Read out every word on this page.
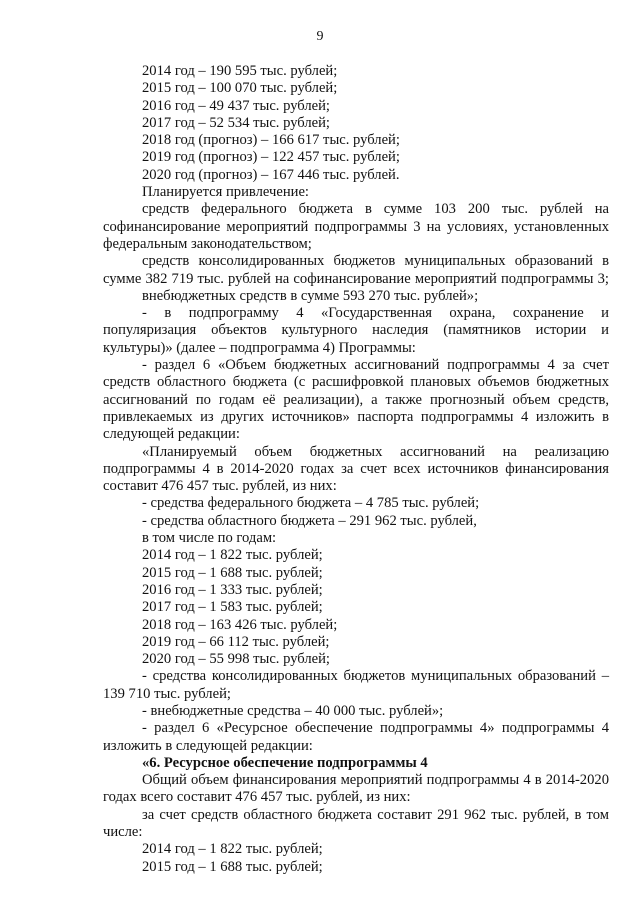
9
2014 год – 190 595 тыс. рублей;
2015 год – 100 070 тыс. рублей;
2016 год – 49 437 тыс. рублей;
2017 год – 52 534 тыс. рублей;
2018 год (прогноз) – 166 617 тыс. рублей;
2019 год (прогноз) – 122 457 тыс. рублей;
2020 год (прогноз) – 167 446 тыс. рублей.
Планируется привлечение:
средств федерального бюджета в сумме 103 200 тыс. рублей на
софинансирование мероприятий подпрограммы 3 на условиях, установленных
федеральным законодательством;
средств консолидированных бюджетов муниципальных образований в
сумме 382 719 тыс. рублей на софинансирование мероприятий подпрограммы 3;
внебюджетных средств в сумме 593 270 тыс. рублей»;
- в подпрограмму 4 «Государственная охрана, сохранение и
популяризация объектов культурного наследия (памятников истории и
культуры)» (далее – подпрограмма 4) Программы:
- раздел 6 «Объем бюджетных ассигнований подпрограммы 4 за счет
средств областного бюджета (с расшифровкой плановых объемов бюджетных
ассигнований по годам её реализации), а также прогнозный объем средств,
привлекаемых из других источников» паспорта подпрограммы 4 изложить в
следующей редакции:
«Планируемый объем бюджетных ассигнований на реализацию
подпрограммы 4 в 2014-2020 годах за счет всех источников финансирования
составит 476 457 тыс. рублей, из них:
- средства федерального бюджета – 4 785 тыс. рублей;
- средства областного бюджета – 291 962 тыс. рублей,
в том числе по годам:
2014 год – 1 822 тыс. рублей;
2015 год – 1 688 тыс. рублей;
2016 год – 1 333 тыс. рублей;
2017 год – 1 583 тыс. рублей;
2018 год – 163 426 тыс. рублей;
2019 год – 66 112 тыс. рублей;
2020 год – 55 998 тыс. рублей;
- средства консолидированных бюджетов муниципальных образований –
139 710 тыс. рублей;
- внебюджетные средства – 40 000 тыс. рублей»;
- раздел 6 «Ресурсное обеспечение подпрограммы 4» подпрограммы 4
изложить в следующей редакции:
«6. Ресурсное обеспечение подпрограммы 4
Общий объем финансирования мероприятий подпрограммы 4 в 2014-2020
годах всего составит 476 457 тыс. рублей, из них:
за счет средств областного бюджета составит 291 962 тыс. рублей, в том
числе:
2014 год – 1 822 тыс. рублей;
2015 год – 1 688 тыс. рублей;
